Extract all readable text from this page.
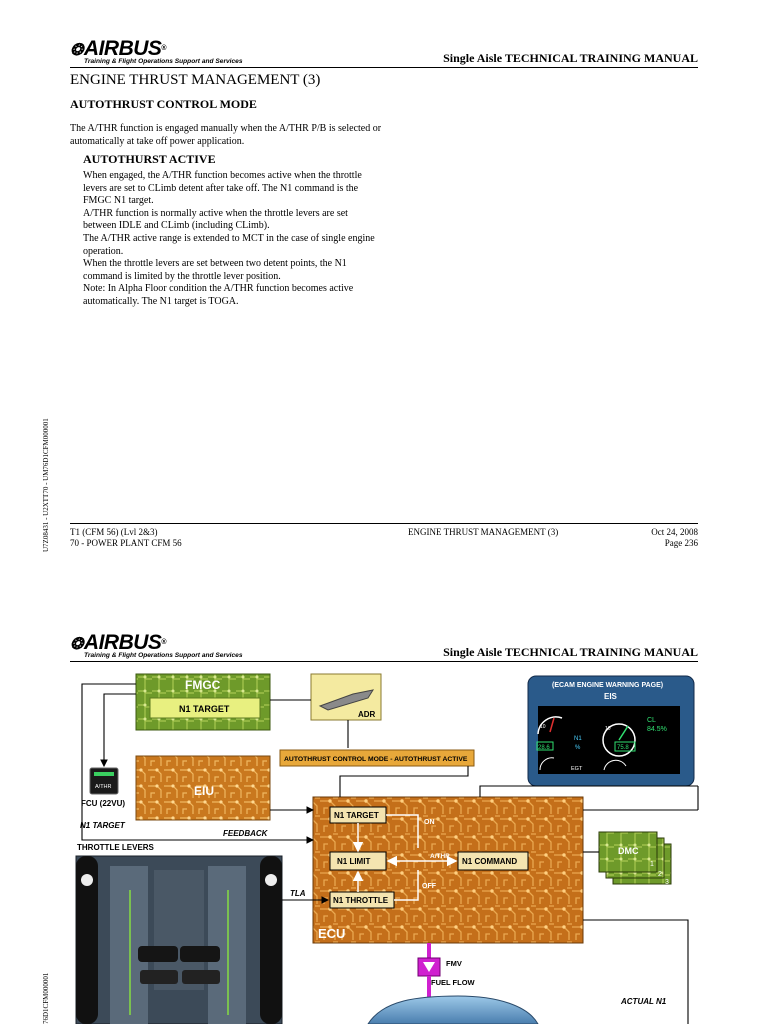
❂AIRBUS®
Training & Flight Operations Support and Services	Single Aisle TECHNICAL TRAINING MANUAL
ENGINE THRUST MANAGEMENT (3)
AUTOTHRUST CONTROL MODE
The A/THR function is engaged manually when the A/THR P/B is selected or automatically at take off power application.
AUTOTHURST ACTIVE
When engaged, the A/THR function becomes active when the throttle levers are set to CLimb detent after take off. The N1 command is the FMGC N1 target.
A/THR function is normally active when the throttle levers are set between IDLE and CLimb (including CLimb).
The A/THR active range is extended to MCT in the case of single engine operation.
When the throttle levers are set between two detent points, the N1 command is limited by the throttle lever position.
Note: In Alpha Floor condition the A/THR function becomes active automatically. The N1 target is TOGA.
U7Z08431 - U2XTT70 - UM76D1CFM000001 T1 (CFM 56) (Lvl 2&3)
70 - POWER PLANT CFM 56
ENGINE THRUST MANAGEMENT (3)	Oct 24, 2008
Page 236
❂AIRBUS®
Training & Flight Operations Support and Services	Single Aisle TECHNICAL TRAINING MANUAL
76D1CFM000001
FMGC
N1 TARGET
ADR
AUTOTHRUST CONTROL MODE - AUTOTHRUST ACTIVE
(ECAM ENGINE WARNING PAGE)
EIS
10
28.6
N1
%
EGT
10
75.8
CL
84.5%
A/THR
FCU (22VU)
N1 TARGET
EIU
FEEDBACK
THROTTLE LEVERS
TLA
ECU
N1 TARGET
N1 LIMIT
N1 THROTTLE
N1 COMMAND
ON
A/THR
OFF
DMC
1
2
3
FMV
FUEL FLOW
ACTUAL N1
